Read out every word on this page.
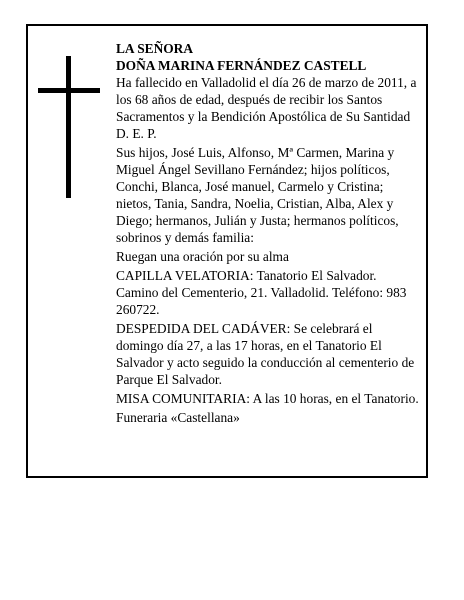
LA SEÑORA

DOÑA MARINA FERNÁNDEZ CASTELL

Ha fallecido en Valladolid el día 26 de marzo de 2011, a los 68 años de edad, después de recibir los Santos Sacramentos y la Bendición Apostólica de Su Santidad D. E. P.

Sus hijos, José Luis, Alfonso, Mª Carmen, Marina y Miguel Ángel Sevillano Fernández; hijos políticos, Conchi, Blanca, José manuel, Carmelo y Cristina; nietos, Tania, Sandra, Noelia, Cristian, Alba, Alex y Diego; hermanos, Julián y Justa; hermanos políticos, sobrinos y demás familia:

Ruegan una oración por su alma

CAPILLA VELATORIA: Tanatorio El Salvador. Camino del Cementerio, 21. Valladolid. Teléfono: 983 260722.

DESPEDIDA DEL CADÁVER: Se celebrará el domingo día 27, a las 17 horas, en el Tanatorio El Salvador y acto seguido la conducción al cementerio de Parque El Salvador.

MISA COMUNITARIA: A las 10 horas, en el Tanatorio.

Funeraria «Castellana»
